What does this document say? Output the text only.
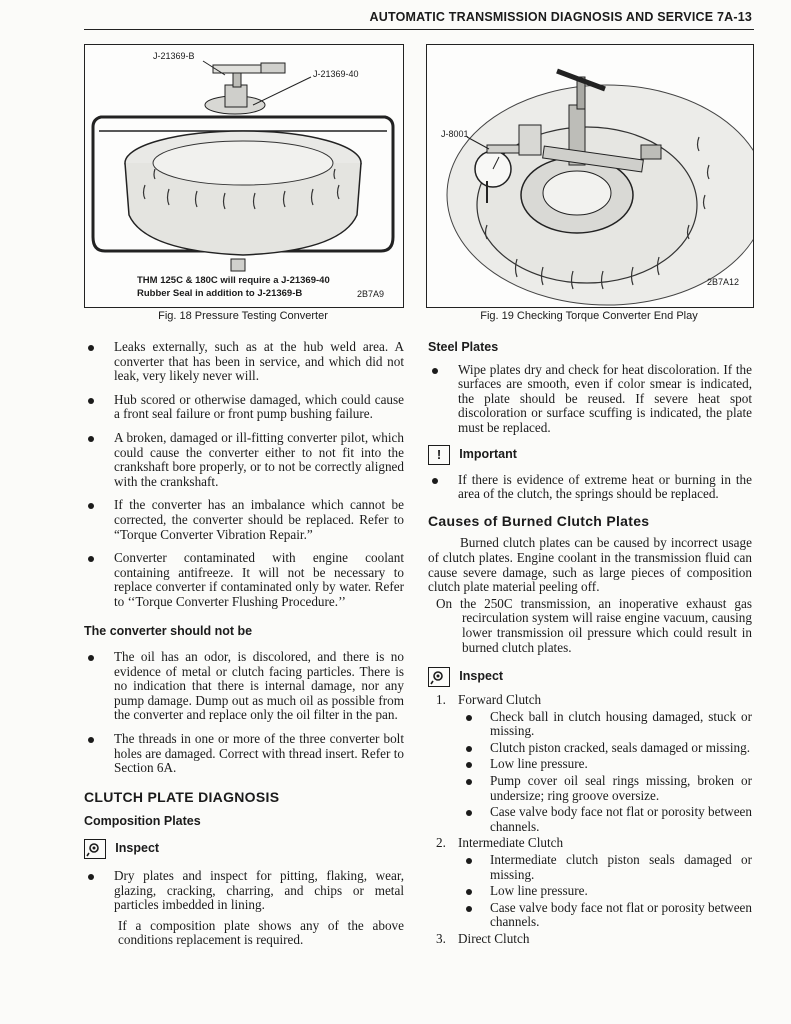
AUTOMATIC TRANSMISSION DIAGNOSIS AND SERVICE 7A-13
J-21369-B
J-21369-40
THM 125C & 180C will require a J-21369-40
Rubber Seal in addition to J-21369-B	2B7A9
Fig. 18 Pressure Testing Converter
J-8001
2B7A12
Fig. 19 Checking Torque Converter End Play

Leaks externally, such as at the hub weld area. A converter that has been in service, and which did not leak, very likely never will.

Hub scored or otherwise damaged, which could cause a front seal failure or front pump bushing failure.

A broken, damaged or ill-fitting converter pilot, which could cause the converter either to not fit into the crankshaft bore properly, or to not be correctly aligned with the crankshaft.

If the converter has an imbalance which cannot be corrected, the converter should be replaced. Refer to “Torque Converter Vibration Repair.”

Converter contaminated with engine coolant containing antifreeze. It will not be necessary to replace converter if contaminated only by water. Refer to ‘‘Torque Converter Flushing Procedure.’’

The converter should not be

The oil has an odor, is discolored, and there is no evidence of metal or clutch facing particles. There is no indication that there is internal damage, nor any pump damage. Dump out as much oil as possible from the converter and replace only the oil filter in the pan.

The threads in one or more of the three converter bolt holes are damaged. Correct with thread insert. Refer to Section 6A.

CLUTCH PLATE DIAGNOSIS
Composition Plates
Inspect

Dry plates and inspect for pitting, flaking, wear, glazing, cracking, charring, and chips or metal particles imbedded in lining.

If a composition plate shows any of the above conditions replacement is required.

Steel Plates

Wipe plates dry and check for heat discoloration. If the surfaces are smooth, even if color smear is indicated, the plate should be reused. If severe heat spot discoloration or surface scuffing is indicated, the plate must be replaced.

! Important

If there is evidence of extreme heat or burning in the area of the clutch, the springs should be replaced.

Causes of Burned Clutch Plates

Burned clutch plates can be caused by incorrect usage of clutch plates. Engine coolant in the transmission fluid can cause severe damage, such as large pieces of composition clutch plate material peeling off.

On the 250C transmission, an inoperative exhaust gas recirculation system will raise engine vacuum, causing lower transmission oil pressure which could result in burned clutch plates.

Inspect
1. Forward Clutch

Check ball in clutch housing damaged, stuck or missing.

Clutch piston cracked, seals damaged or missing.

Low line pressure.

Pump cover oil seal rings missing, broken or undersize; ring groove oversize.

Case valve body face not flat or porosity between channels.

2. Intermediate Clutch

Intermediate clutch piston seals damaged or missing.

Low line pressure.

Case valve body face not flat or porosity between channels.

3. Direct Clutch
